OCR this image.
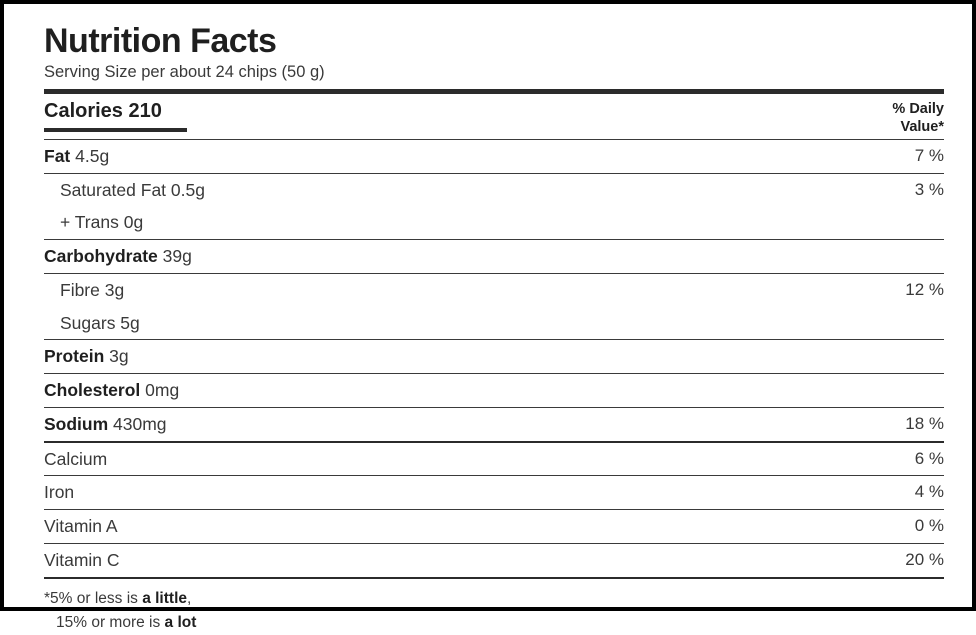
Nutrition Facts
Serving Size per about 24 chips (50 g)
Calories 210	% Daily
Value*
Fat 4.5g	7 %
Saturated Fat 0.5g	3 %
+ Trans 0g
Carbohydrate 39g
Fibre 3g	12 %
Sugars 5g
Protein 3g
Cholesterol 0mg
Sodium 430mg	18 %
Calcium	6 %
Iron	4 %
Vitamin A	0 %
Vitamin C	20 %
*5% or less is a little,
15% or more is a lot
